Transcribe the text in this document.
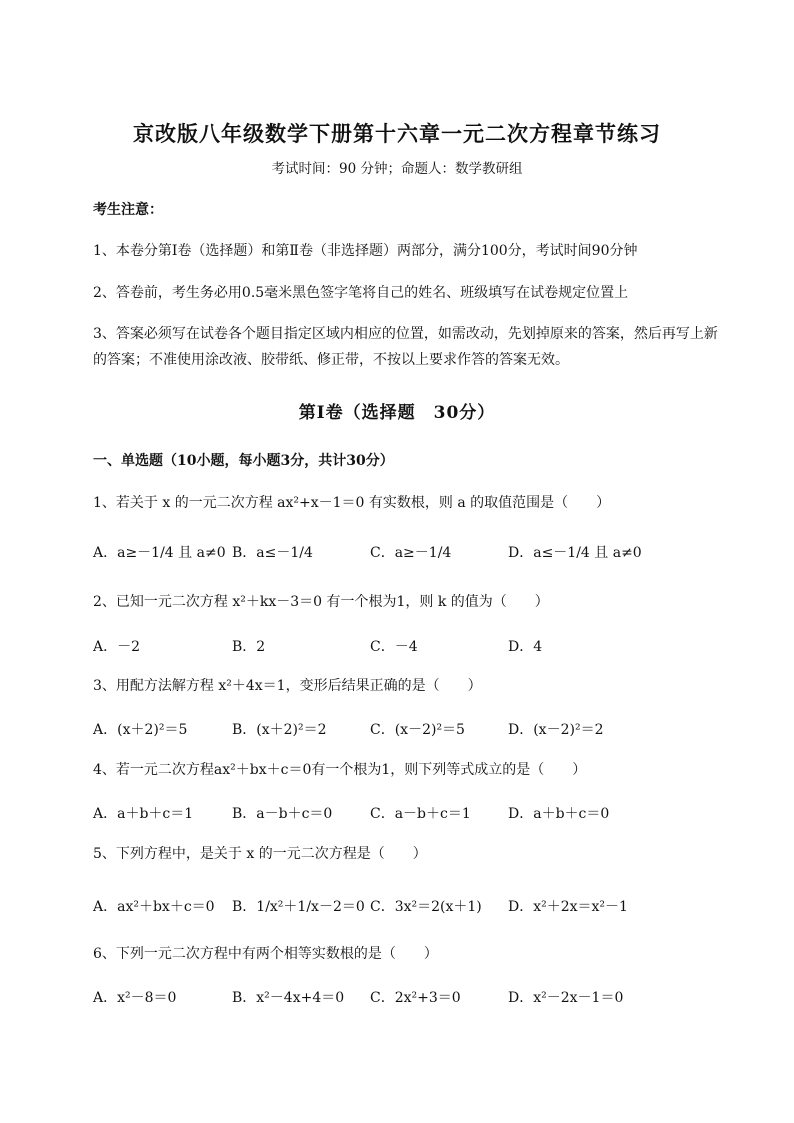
京改版八年级数学下册第十六章一元二次方程章节练习
考试时间：90 分钟；命题人：数学教研组
考生注意：
1、本卷分第Ⅰ卷（选择题）和第Ⅱ卷（非选择题）两部分，满分100分，考试时间90分钟
2、答卷前，考生务必用0.5毫米黑色签字笔将自己的姓名、班级填写在试卷规定位置上
3、答案必须写在试卷各个题目指定区域内相应的位置，如需改动，先划掉原来的答案，然后再写上新
的答案；不准使用涂改液、胶带纸、修正带，不按以上要求作答的答案无效。
第Ⅰ卷（选择题　30分）
一、单选题（10小题，每小题3分，共计30分）
1、若关于 x 的一元二次方程 ax²+x－1＝0 有实数根，则 a 的取值范围是（　　）
A．a≥－1/4 且 a≠0 B．a≤－1/4	C．a≥－1/4	D．a≤－1/4 且 a≠0
2、已知一元二次方程 x²＋kx－3＝0 有一个根为1，则 k 的值为（　　）
A．－2	B．2	C．－4	D．4
3、用配方法解方程 x²＋4x＝1，变形后结果正确的是（　　）
A．(x＋2)²＝5	B．(x＋2)²＝2	C．(x－2)²＝5	D．(x－2)²＝2
4、若一元二次方程ax²＋bx＋c＝0有一个根为1，则下列等式成立的是（　　）
A．a＋b＋c＝1	B．a－b＋c＝0	C．a－b＋c＝1	D．a＋b＋c＝0
5、下列方程中，是关于 x 的一元二次方程是（　　）
A．ax²＋bx＋c＝0 B．1/x²＋1/x－2＝0 C．3x²＝2(x＋1) D．x²＋2x＝x²－1
6、下列一元二次方程中有两个相等实数根的是（　　）
A．x²－8＝0	B．x²－4x+4＝0 C．2x²+3＝0	D．x²－2x－1＝0
